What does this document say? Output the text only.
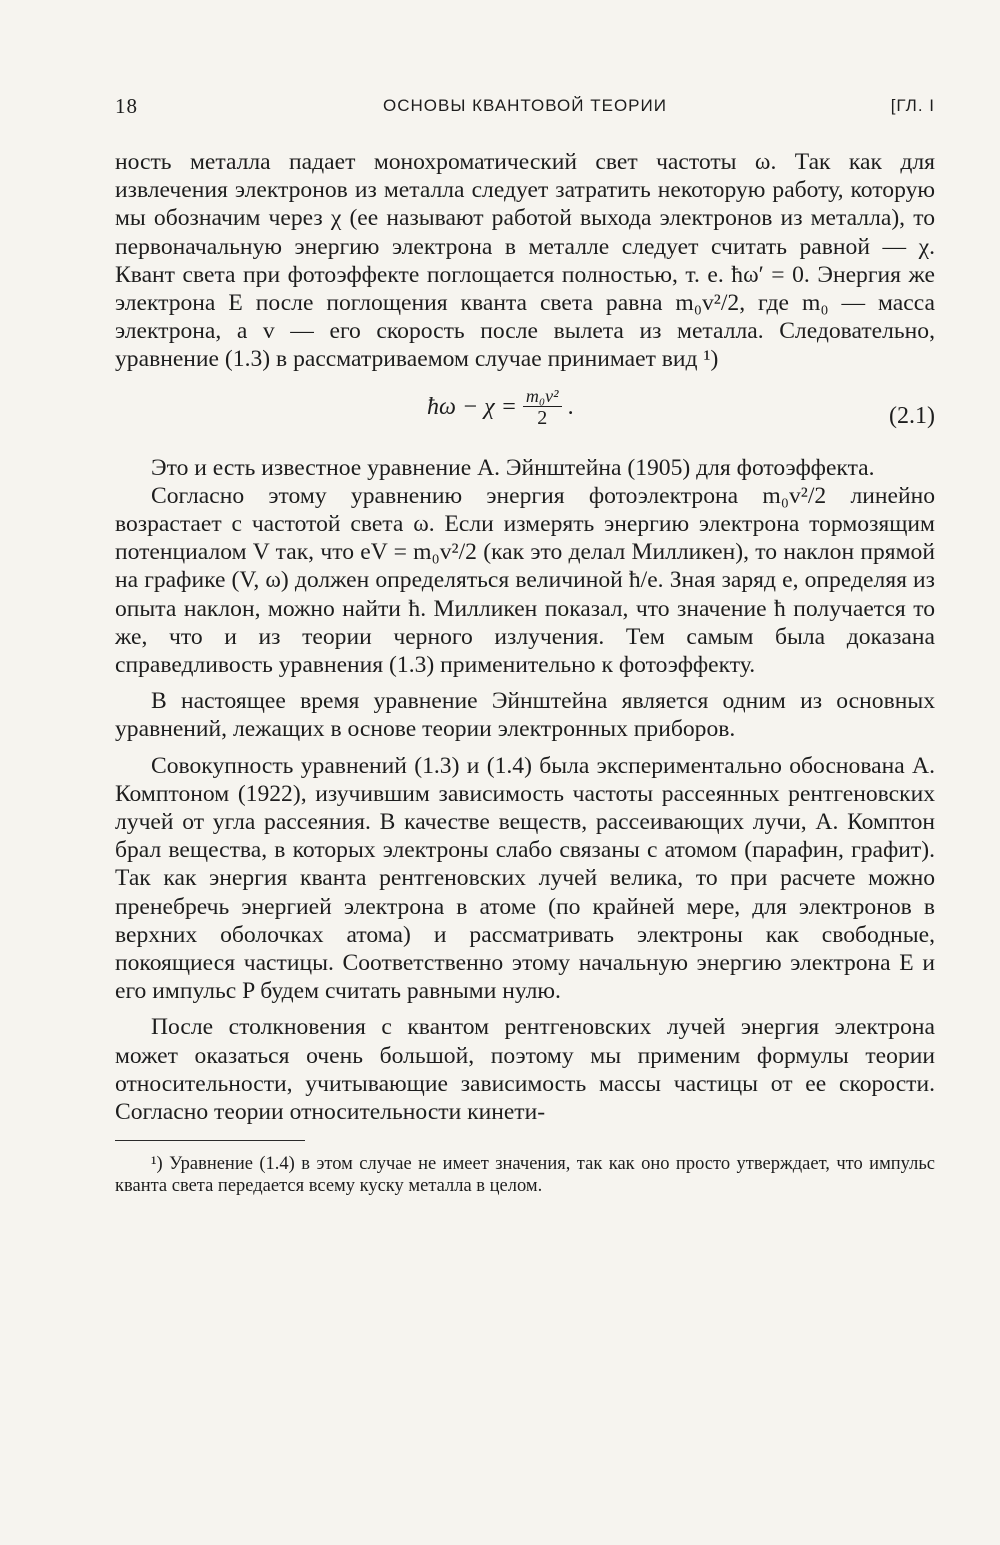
18	ОСНОВЫ КВАНТОВОЙ ТЕОРИИ	[ГЛ. I

ность металла падает монохроматический свет частоты ω. Так как для извлечения электронов из металла следует затратить некоторую работу, которую мы обозначим через χ (ее называют работой выхода электронов из металла), то первоначальную энергию электрона в металле следует считать равной — χ. Квант света при фотоэффекте поглощается полностью, т. е. ħω′ = 0. Энергия же электрона E после поглощения кванта света равна m₀v²/2, где m₀ — масса электрона, а v — его скорость после вылета из металла. Следовательно, уравнение (1.3) в рассматриваемом случае принимает вид ¹)

ħω − $\chi = \frac{\text{m₀v²}}{2}$ .	(2.1)

Это и есть известное уравнение А. Эйнштейна (1905) для фотоэффекта.

Согласно этому уравнению энергия фотоэлектрона m₀v²/2 линейно возрастает с частотой света ω. Если измерять энергию электрона тормозящим потенциалом V так, что eV = m₀v²/2 (как это делал Милликен), то наклон прямой на графике (V, ω) должен определяться величиной ħ/e. Зная заряд e, определяя из опыта наклон, можно найти ħ. Милликен показал, что значение ħ получается то же, что и из теории черного излучения. Тем самым была доказана справедливость уравнения (1.3) применительно к фотоэффекту.

В настоящее время уравнение Эйнштейна является одним из основных уравнений, лежащих в основе теории электронных приборов.

Совокупность уравнений (1.3) и (1.4) была экспериментально обоснована А. Комптоном (1922), изучившим зависимость частоты рассеянных рентгеновских лучей от угла рассеяния. В качестве веществ, рассеивающих лучи, А. Комптон брал вещества, в которых электроны слабо связаны с атомом (парафин, графит). Так как энергия кванта рентгеновских лучей велика, то при расчете можно пренебречь энергией электрона в атоме (по крайней мере, для электронов в верхних оболочках атома) и рассматривать электроны как свободные, покоящиеся частицы. Соответственно этому начальную энергию электрона E и его импульс P будем считать равными нулю.

После столкновения с квантом рентгеновских лучей энергия электрона может оказаться очень большой, поэтому мы применим формулы теории относительности, учитывающие зависимость массы частицы от ее скорости. Согласно теории относительности кинети-

¹) Уравнение (1.4) в этом случае не имеет значения, так как оно просто утверждает, что импульс кванта света передается всему куску металла в целом.
